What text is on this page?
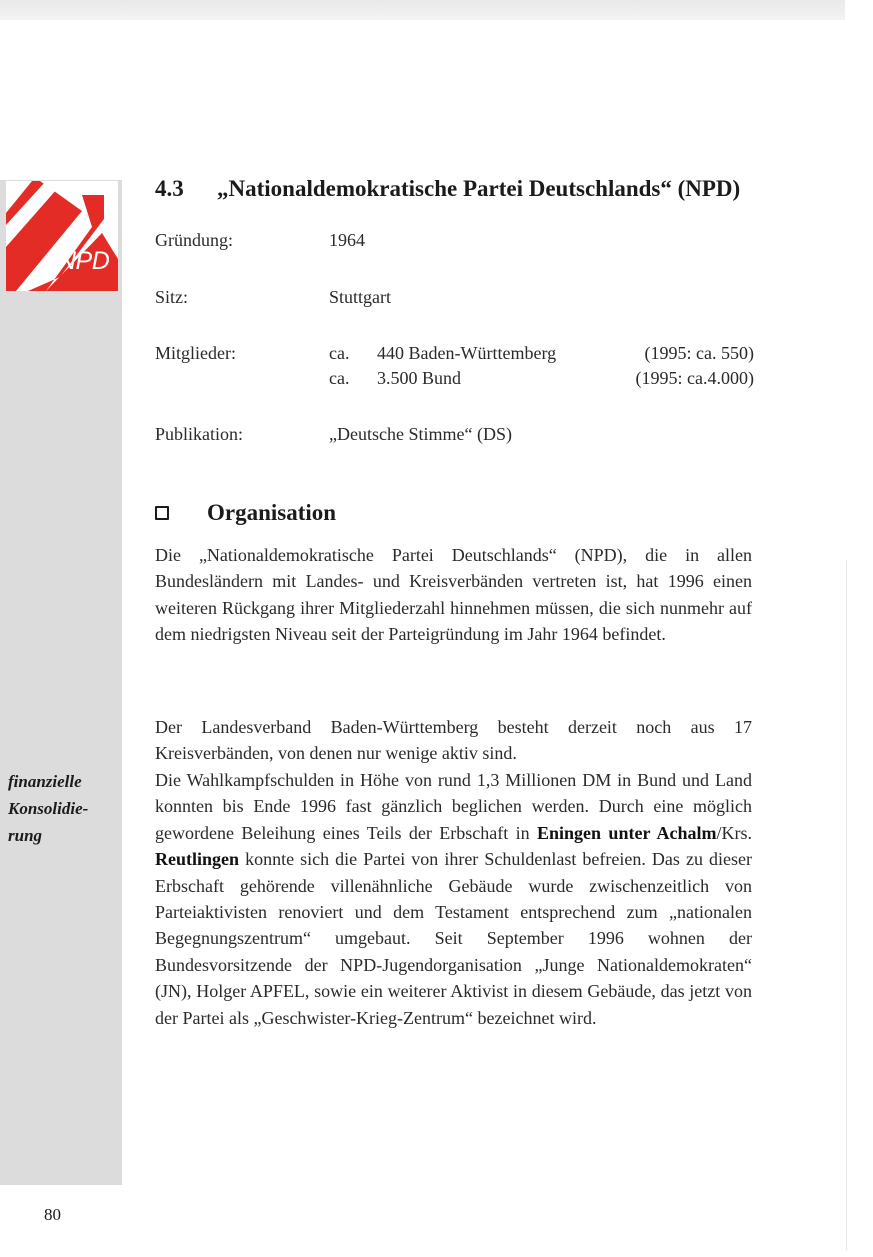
NPD
finanzielle
Konsolidie-
rung
4.3 „Nationaldemokratische Partei Deutschlands“ (NPD)
Gründung:	1964
Sitz:	Stuttgart
Mitglieder:	ca. 440 Baden-Württemberg	(1995: ca. 550)
ca. 3.500 Bund	(1995: ca.4.000)
Publikation:	„Deutsche Stimme“ (DS)
Organisation

Die „Nationaldemokratische Partei Deutschlands“ (NPD), die in allen Bundesländern mit Landes- und Kreisverbänden vertreten ist, hat 1996 einen weiteren Rückgang ihrer Mitgliederzahl hinnehmen müssen, die sich nunmehr auf dem niedrigsten Niveau seit der Parteigründung im Jahr 1964 befindet.

Der Landesverband Baden-Württemberg besteht derzeit noch aus 17 Kreisverbänden, von denen nur wenige aktiv sind.

Die Wahlkampfschulden in Höhe von rund 1,3 Millionen DM in Bund und Land konnten bis Ende 1996 fast gänzlich beglichen werden. Durch eine möglich gewordene Beleihung eines Teils der Erbschaft in Eningen unter Achalm/Krs. Reutlingen konnte sich die Partei von ihrer Schuldenlast befreien. Das zu dieser Erbschaft gehörende villenähnliche Gebäude wurde zwischenzeitlich von Parteiaktivisten renoviert und dem Testament entsprechend zum „nationalen Begegnungszentrum“ umgebaut. Seit September 1996 wohnen der Bundesvorsitzende der NPD-Jugendorganisation „Junge Nationaldemokraten“ (JN), Holger APFEL, sowie ein weiterer Aktivist in diesem Gebäude, das jetzt von der Partei als „Geschwister-Krieg-Zentrum“ bezeichnet wird.

80
